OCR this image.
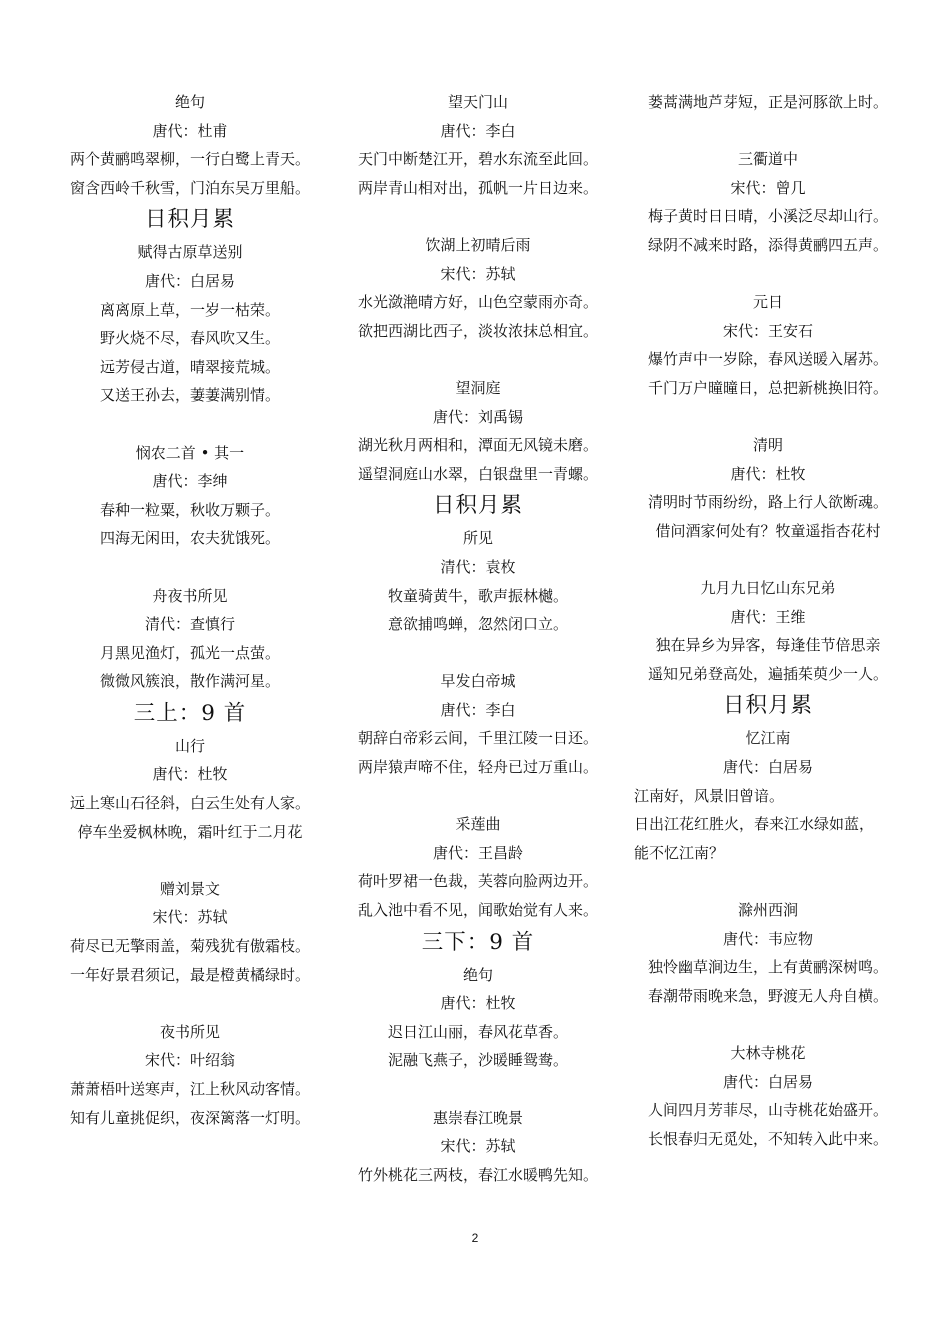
绝句
唐代：杜甫
两个黄鹂鸣翠柳，一行白鹭上青天。
窗含西岭千秋雪，门泊东吴万里船。
日积月累
赋得古原草送别
唐代：白居易
离离原上草，一岁一枯荣。
野火烧不尽，春风吹又生。
远芳侵古道，晴翠接荒城。
又送王孙去，萋萋满别情。
悯农二首 • 其一
唐代：李绅
春种一粒粟，秋收万颗子。
四海无闲田，农夫犹饿死。
舟夜书所见
清代：查慎行
月黑见渔灯，孤光一点萤。
微微风簇浪，散作满河星。
三上：9 首
山行
唐代：杜牧
远上寒山石径斜，白云生处有人家。
停车坐爱枫林晚，霜叶红于二月花
赠刘景文
宋代：苏轼
荷尽已无擎雨盖，菊残犹有傲霜枝。
一年好景君须记，最是橙黄橘绿时。
夜书所见
宋代：叶绍翁
萧萧梧叶送寒声，江上秋风动客情。
知有儿童挑促织，夜深篱落一灯明。
望天门山
唐代：李白
天门中断楚江开，碧水东流至此回。
两岸青山相对出，孤帆一片日边来。
饮湖上初晴后雨
宋代：苏轼
水光潋滟晴方好，山色空蒙雨亦奇。
欲把西湖比西子，淡妆浓抹总相宜。
望洞庭
唐代：刘禹锡
湖光秋月两相和，潭面无风镜未磨。
遥望洞庭山水翠，白银盘里一青螺。
日积月累
所见
清代：袁枚
牧童骑黄牛，歌声振林樾。
意欲捕鸣蝉，忽然闭口立。
早发白帝城
唐代：李白
朝辞白帝彩云间，千里江陵一日还。
两岸猿声啼不住，轻舟已过万重山。
采莲曲
唐代：王昌龄
荷叶罗裙一色裁，芙蓉向脸两边开。
乱入池中看不见，闻歌始觉有人来。
三下：9 首
绝句
唐代：杜牧
迟日江山丽，春风花草香。
泥融飞燕子，沙暖睡鸳鸯。
惠崇春江晚景
宋代：苏轼
竹外桃花三两枝，春江水暖鸭先知。
蒌蒿满地芦芽短，正是河豚欲上时。
三衢道中
宋代：曾几
梅子黄时日日晴，小溪泛尽却山行。
绿阴不减来时路，添得黄鹂四五声。
元日
宋代：王安石
爆竹声中一岁除，春风送暖入屠苏。
千门万户曈曈日，总把新桃换旧符。
清明
唐代：杜牧
清明时节雨纷纷，路上行人欲断魂。
借问酒家何处有？牧童遥指杏花村
九月九日忆山东兄弟
唐代：王维
独在异乡为异客，每逢佳节倍思亲
遥知兄弟登高处，遍插茱萸少一人。
日积月累
忆江南
唐代：白居易
江南好，风景旧曾谙。
日出江花红胜火，春来江水绿如蓝，
能不忆江南？
滁州西涧
唐代：韦应物
独怜幽草涧边生，上有黄鹂深树鸣。
春潮带雨晚来急，野渡无人舟自横。
大林寺桃花
唐代：白居易
人间四月芳菲尽，山寺桃花始盛开。
长恨春归无觅处，不知转入此中来。
2
